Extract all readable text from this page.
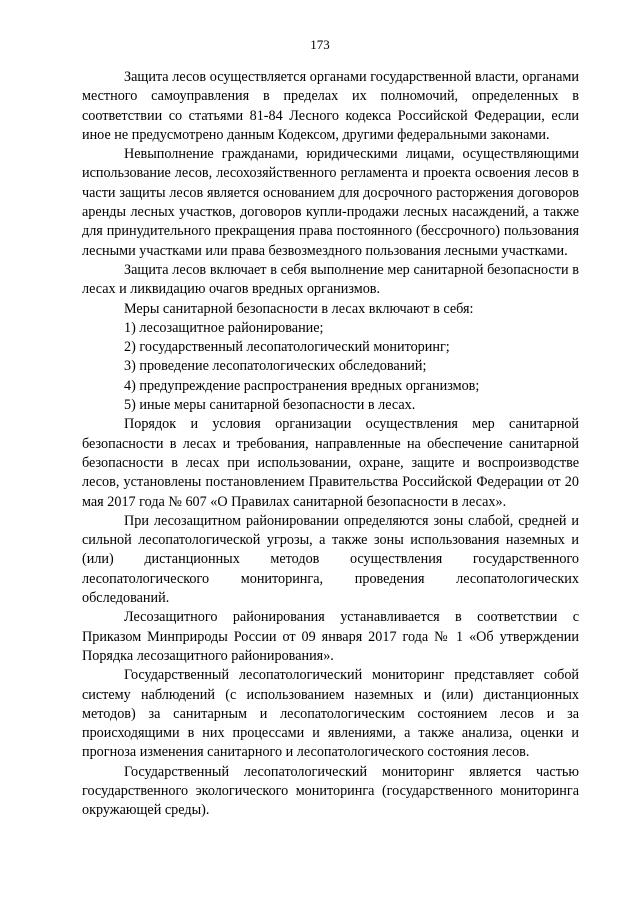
173

Защита лесов осуществляется органами государственной власти, органами местного самоуправления в пределах их полномочий, определенных в соответствии со статьями 81-84 Лесного кодекса Российской Федерации, если иное не предусмотрено данным Кодексом, другими федеральными законами.

Невыполнение гражданами, юридическими лицами, осуществляющими использование лесов, лесохозяйственного регламента и проекта освоения лесов в части защиты лесов является основанием для досрочного расторжения договоров аренды лесных участков, договоров купли-продажи лесных насаждений, а также для принудительного прекращения права постоянного (бессрочного) пользования лесными участками или права безвозмездного пользования лесными участками.

Защита лесов включает в себя выполнение мер санитарной безопасности в лесах и ликвидацию очагов вредных организмов.

Меры санитарной безопасности в лесах включают в себя:

1) лесозащитное районирование;

2) государственный лесопатологический мониторинг;

3) проведение лесопатологических обследований;

4) предупреждение распространения вредных организмов;

5) иные меры санитарной безопасности в лесах.

Порядок и условия организации осуществления мер санитарной безопасности в лесах и требования, направленные на обеспечение санитарной безопасности в лесах при использовании, охране, защите и воспроизводстве лесов, установлены постановлением Правительства Российской Федерации от 20 мая 2017 года № 607 «О Правилах санитарной безопасности в лесах».

При лесозащитном районировании определяются зоны слабой, средней и сильной лесопатологической угрозы, а также зоны использования наземных и (или) дистанционных методов осуществления государственного лесопатологического мониторинга, проведения лесопатологических обследований.

Лесозащитного районирования устанавливается в соответствии с Приказом Минприроды России от 09 января 2017 года № 1 «Об утверждении Порядка лесозащитного районирования».

Государственный лесопатологический мониторинг представляет собой систему наблюдений (с использованием наземных и (или) дистанционных методов) за санитарным и лесопатологическим состоянием лесов и за происходящими в них процессами и явлениями, а также анализа, оценки и прогноза изменения санитарного и лесопатологического состояния лесов.

Государственный лесопатологический мониторинг является частью государственного экологического мониторинга (государственного мониторинга окружающей среды).
